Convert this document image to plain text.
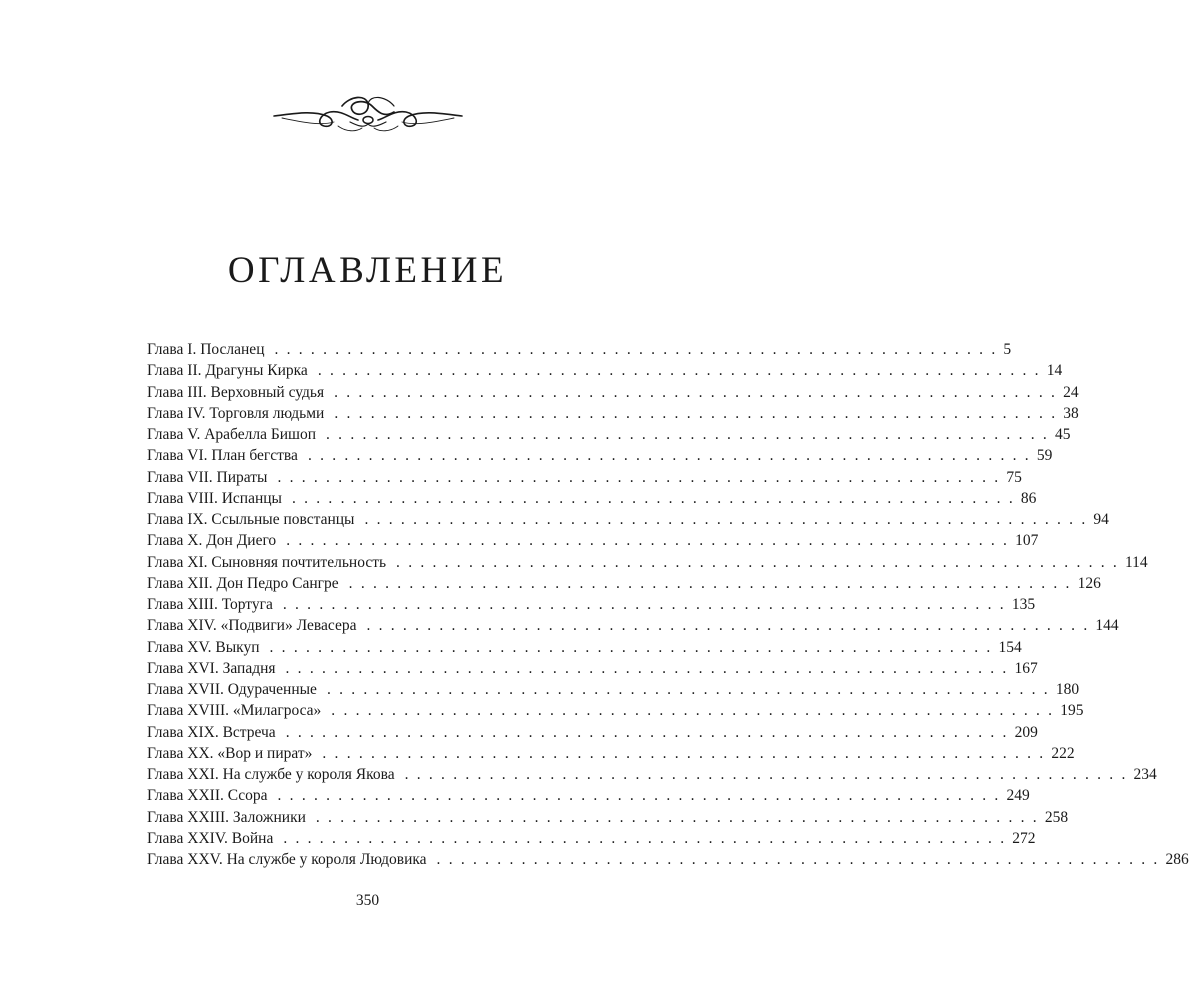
ОГЛАВЛЕНИЕ
Глава I. Посланец . . . . . . . . . . . . . . . . . . . . . . . . . . . . . . . . . . . . . . . . . . . . . . . . . . . . . . . . . . . . 5
Глава II. Драгуны Кирка . . . . . . . . . . . . . . . . . . . . . . . . . . . . . . . . . . . . . . . . . . . . . . . . . . . . . . . . . . . . 14
Глава III. Верховный судья . . . . . . . . . . . . . . . . . . . . . . . . . . . . . . . . . . . . . . . . . . . . . . . . . . . . . . . . . . . . 24
Глава IV. Торговля людьми . . . . . . . . . . . . . . . . . . . . . . . . . . . . . . . . . . . . . . . . . . . . . . . . . . . . . . . . . . . . 38
Глава V. Арабелла Бишоп . . . . . . . . . . . . . . . . . . . . . . . . . . . . . . . . . . . . . . . . . . . . . . . . . . . . . . . . . . . . 45
Глава VI. План бегства . . . . . . . . . . . . . . . . . . . . . . . . . . . . . . . . . . . . . . . . . . . . . . . . . . . . . . . . . . . . 59
Глава VII. Пираты . . . . . . . . . . . . . . . . . . . . . . . . . . . . . . . . . . . . . . . . . . . . . . . . . . . . . . . . . . . . 75
Глава VIII. Испанцы . . . . . . . . . . . . . . . . . . . . . . . . . . . . . . . . . . . . . . . . . . . . . . . . . . . . . . . . . . . . 86
Глава IX. Ссыльные повстанцы . . . . . . . . . . . . . . . . . . . . . . . . . . . . . . . . . . . . . . . . . . . . . . . . . . . . . . . . . . . . 94
Глава X. Дон Диего . . . . . . . . . . . . . . . . . . . . . . . . . . . . . . . . . . . . . . . . . . . . . . . . . . . . . . . . . . . . 107
Глава XI. Сыновняя почтительность . . . . . . . . . . . . . . . . . . . . . . . . . . . . . . . . . . . . . . . . . . . . . . . . . . . . . . . . . . . . 114
Глава XII. Дон Педро Сангре . . . . . . . . . . . . . . . . . . . . . . . . . . . . . . . . . . . . . . . . . . . . . . . . . . . . . . . . . . . . 126
Глава XIII. Тортуга . . . . . . . . . . . . . . . . . . . . . . . . . . . . . . . . . . . . . . . . . . . . . . . . . . . . . . . . . . . . 135
Глава XIV. «Подвиги» Левасера . . . . . . . . . . . . . . . . . . . . . . . . . . . . . . . . . . . . . . . . . . . . . . . . . . . . . . . . . . . . 144
Глава XV. Выкуп . . . . . . . . . . . . . . . . . . . . . . . . . . . . . . . . . . . . . . . . . . . . . . . . . . . . . . . . . . . . 154
Глава XVI. Западня . . . . . . . . . . . . . . . . . . . . . . . . . . . . . . . . . . . . . . . . . . . . . . . . . . . . . . . . . . . . 167
Глава XVII. Одураченные . . . . . . . . . . . . . . . . . . . . . . . . . . . . . . . . . . . . . . . . . . . . . . . . . . . . . . . . . . . . 180
Глава XVIII. «Милагроса» . . . . . . . . . . . . . . . . . . . . . . . . . . . . . . . . . . . . . . . . . . . . . . . . . . . . . . . . . . . . 195
Глава XIX. Встреча . . . . . . . . . . . . . . . . . . . . . . . . . . . . . . . . . . . . . . . . . . . . . . . . . . . . . . . . . . . . 209
Глава XX. «Вор и пират» . . . . . . . . . . . . . . . . . . . . . . . . . . . . . . . . . . . . . . . . . . . . . . . . . . . . . . . . . . . . 222
Глава XXI. На службе у короля Якова . . . . . . . . . . . . . . . . . . . . . . . . . . . . . . . . . . . . . . . . . . . . . . . . . . . . . . . . . . . . 234
Глава XXII. Ссора . . . . . . . . . . . . . . . . . . . . . . . . . . . . . . . . . . . . . . . . . . . . . . . . . . . . . . . . . . . . 249
Глава XXIII. Заложники . . . . . . . . . . . . . . . . . . . . . . . . . . . . . . . . . . . . . . . . . . . . . . . . . . . . . . . . . . . . 258
Глава XXIV. Война . . . . . . . . . . . . . . . . . . . . . . . . . . . . . . . . . . . . . . . . . . . . . . . . . . . . . . . . . . . . 272
Глава XXV. На службе у короля Людовика . . . . . . . . . . . . . . . . . . . . . . . . . . . . . . . . . . . . . . . . . . . . . . . . . . . . . . . . . . . . 286
350
